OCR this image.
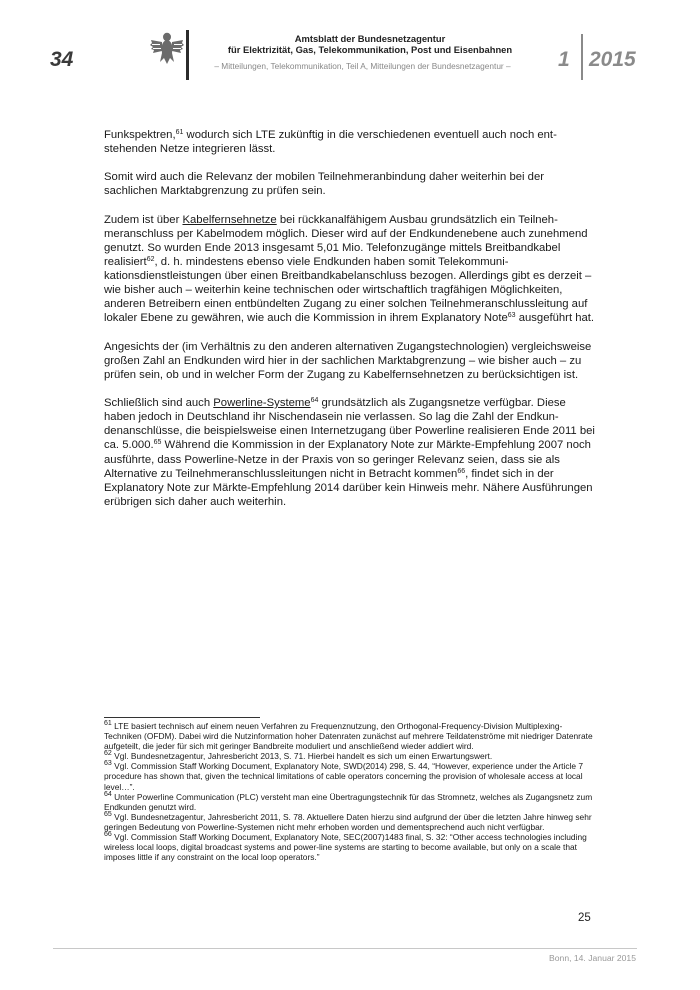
34
Amtsblatt der Bundesnetzagentur
für Elektrizität, Gas, Telekommunikation, Post und Eisenbahnen
– Mitteilungen, Telekommunikation, Teil A, Mitteilungen der Bundesnetzagentur –	1 2015

Funkspektren,$^{61}$ wodurch sich LTE zukünftig in die verschiedenen eventuell auch noch entstehenden Netze integrieren lässt.

Somit wird auch die Relevanz der mobilen Teilnehmeranbindung daher weiterhin bei der sachlichen Marktabgrenzung zu prüfen sein.

Zudem ist über Kabelfernsehnetze bei rückkanalfähigem Ausbau grundsätzlich ein Teilnehmeranschluss per Kabelmodem möglich. Dieser wird auf der Endkundenebene auch zunehmend genutzt. So wurden Ende 2013 insgesamt 5,01 Mio. Telefonzugänge mittels Breitbandkabel realisiert$^{62}$, d. h. mindestens ebenso viele Endkunden haben somit Telekommunikationsdienstleistungen über einen Breitbandkabelanschluss bezogen. Allerdings gibt es derzeit – wie bisher auch – weiterhin keine technischen oder wirtschaftlich tragfähigen Möglichkeiten, anderen Betreibern einen entbündelten Zugang zu einer solchen Teilnehmeranschlussleitung auf lokaler Ebene zu gewähren, wie auch die Kommission in ihrem Explanatory Note$^{63}$ ausgeführt hat.

Angesichts der (im Verhältnis zu den anderen alternativen Zugangstechnologien) vergleichsweise großen Zahl an Endkunden wird hier in der sachlichen Marktabgrenzung – wie bisher auch – zu prüfen sein, ob und in welcher Form der Zugang zu Kabelfernsehnetzen zu berücksichtigen ist.

Schließlich sind auch Powerline-Systeme$^{64}$ grundsätzlich als Zugangsnetze verfügbar. Diese haben jedoch in Deutschland ihr Nischendasein nie verlassen. So lag die Zahl der Endkundenanschlüsse, die beispielsweise einen Internetzugang über Powerline realisieren Ende 2011 bei ca. 5.000.65 Während die Kommission in der Explanatory Note zur Märkte-Empfehlung 2007 noch ausführte, dass Powerline-Netze in der Praxis von so geringer Relevanz seien, dass sie als Alternative zu Teilnehmeranschlussleitungen nicht in Betracht kommen$^{66}$, findet sich in der Explanatory Note zur Märkte-Empfehlung 2014 darüber kein Hinweis mehr. Nähere Ausführungen erübrigen sich daher auch weiterhin.

$^{61}$ LTE basiert technisch auf einem neuen Verfahren zu Frequenznutzung, den Orthogonal-Frequency-Division Multiplexing-Techniken (OFDM). Dabei wird die Nutzinformation hoher Datenraten zunächst auf mehrere Teildatenströme mit niedriger Datenrate aufgeteilt, die jeder für sich mit geringer Bandbreite moduliert und anschließend wieder addiert wird.

$^{62}$ Vgl. Bundesnetzagentur, Jahresbericht 2013, S. 71. Hierbei handelt es sich um einen Erwartungswert.

$^{63}$ Vgl. Commission Staff Working Document, Explanatory Note, SWD(2014) 298, S. 44, “However, experience under the Article 7 procedure has shown that, given the technical limitations of cable operators concerning the provision of wholesale access at local level…”.

$^{64}$ Unter Powerline Communication (PLC) versteht man eine Übertragungstechnik für das Stromnetz, welches als Zugangsnetz zum Endkunden genutzt wird.

$^{65}$ Vgl. Bundesnetzagentur, Jahresbericht 2011, S. 78. Aktuellere Daten hierzu sind aufgrund der über die letzten Jahre hinweg sehr geringen Bedeutung von Powerline-Systemen nicht mehr erhoben worden und dementsprechend auch nicht verfügbar.

$^{66}$ Vgl. Commission Staff Working Document, Explanatory Note, SEC(2007)1483 final, S. 32: “Other access technologies including wireless local loops, digital broadcast systems and power-line systems are starting to become available, but only on a scale that imposes little if any constraint on the local loop operators.”

25
Bonn, 14. Januar 2015
